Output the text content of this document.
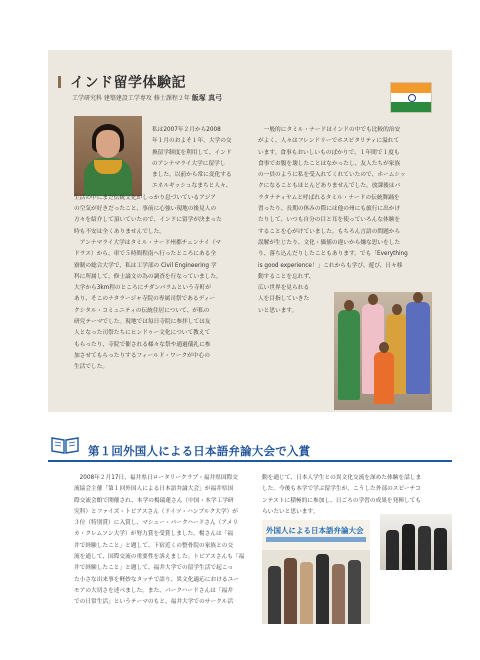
インド留学体験記
工学研究科 建築建設工学専攻 修士課程２年 飯塚 真弓
私は2007年２月から2008
年１月のおよそ１年、大学の交
換留学制度を利用して、インド
のアンナマライ大学に留学し
ました。以前から常に変化する
エネルギッシュなまちと人々、
生活の中にまだ伝統文化がしっかり息づいているアジア
の空気が好きだったこと、事前に心強い現地の後見人の
方々を紹介して頂いていたので、インドに留学が決まった
時も不安は全くありませんでした。
　アンナマライ大学はタミル・ナード州都チェンナイ（マ
ドラス）から、車で５時間程南へ行ったところにある全
寮制の総合大学で、私は工学部の Civil Engineering 学
科に所属して、修士論文の為の調査を行なっていました。
大学から3km程のところにチダンバラムという寺町が
あり、そこのナタラージャ寺院の専属司祭であるディー
クシタル・コミュニティの伝統住居について、が私の
研究テーマでした。現地では毎日寺院に参拝しては友
人となった司祭たちにヒンドゥー文化について教えて
もらったり、寺院で催される様々な祭や通過儀礼に参
加させてもらったりするフィールド・ワークが中心の
生活でした。
　一般的にタミル・ナードはインドの中でも比較的治安
がよく、人々はフレンドリーでホスピタリティに溢れて
います。食事もおいしいものばかりで、１年間で１度も
食事でお腹を壊したことはなかったし、友人たちが家族
の一員のように私を受入れてくれていたので、ホームシッ
クになることもほとんどありませんでした。放課後はバ
ラタナティヤムと呼ばれるタミル・ナードの伝統舞踊を
習ったり、長期の休みの際には他の州にも旅行に出かけ
たりして、いつも自分の目と耳を使っていろんな体験を
することを心がけていました。もちろん言語の問題から
誤解が生じたり、文化・価値の違いから嫌な思いをした
り、落ち込んだりしたこともあります。でも「Everything
is good experience！」これからも学び、遊び、日々移
動することを忘れず、
広い世界を見られる
人を目指していきた
いと思います。
第１回外国人による日本語弁論大会で入賞
　2008年２月17日、福井県日ロータリークラブ・福井県国際交
流協会主催「第１回外国人による日本語弁論大会」が福井県国
際交流会館で開催され、本学の楊瑞蓮さん（中国・本学工学研
究科）とファイズ・トビアスさん（ドイツ・ハンブルク大学）が
３位（特別賞）に入賞し、マシュー・パークハードさん（アメリ
カ・クレムソン大学）が努力賞を受賞しました。楊さんは「福
井で経験したこと」と題して、下宿近くの整骨院の家族との交
流を通して、国際交流の重要性を訴えました。トビアスさんも「福
井で経験したこと」と題して、福井大学での留学生活で起こっ
た小さな出来事を軽妙なタッチで語り、異文化適応におけるユー
モアの大切さを述べました。また、パークハードさんは「福井
での日常生活」というテーマのもと、福井大学でのサークル活
動を通じて、日本人学生との異文化交流を深めた体験を話しま
した。今後も本学で学ぶ留学生が、こうした外部のスピーチコ
ンテストに積極的に参加し、日ごろの学習の成果を発揮しても
らいたいと思います。
外国人による日本語弁論大会
